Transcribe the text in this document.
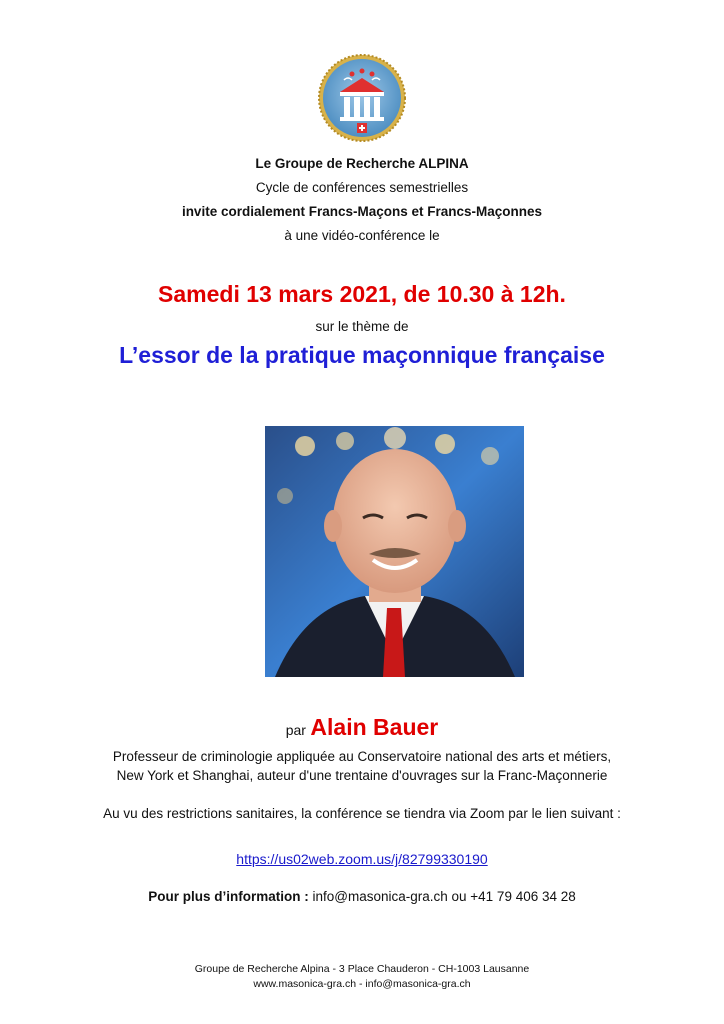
Le Groupe de Recherche ALPINA
Cycle de conférences semestrielles
invite cordialement Francs-Maçons et Francs-Maçonnes
à une vidéo-conférence le
Samedi 13 mars 2021, de 10.30 à 12h.
sur le thème de
L’essor de la pratique maçonnique française
par Alain Bauer
Professeur de criminologie appliquée au Conservatoire national des arts et métiers,
New York et Shanghai, auteur d'une trentaine d'ouvrages sur la Franc-Maçonnerie
Au vu des restrictions sanitaires, la conférence se tiendra via Zoom par le lien suivant :
https://us02web.zoom.us/j/82799330190
Pour plus d’information : info@masonica-gra.ch ou +41 79 406 34 28
Groupe de Recherche Alpina - 3 Place Chauderon - CH-1003 Lausanne
www.masonica-gra.ch - info@masonica-gra.ch
